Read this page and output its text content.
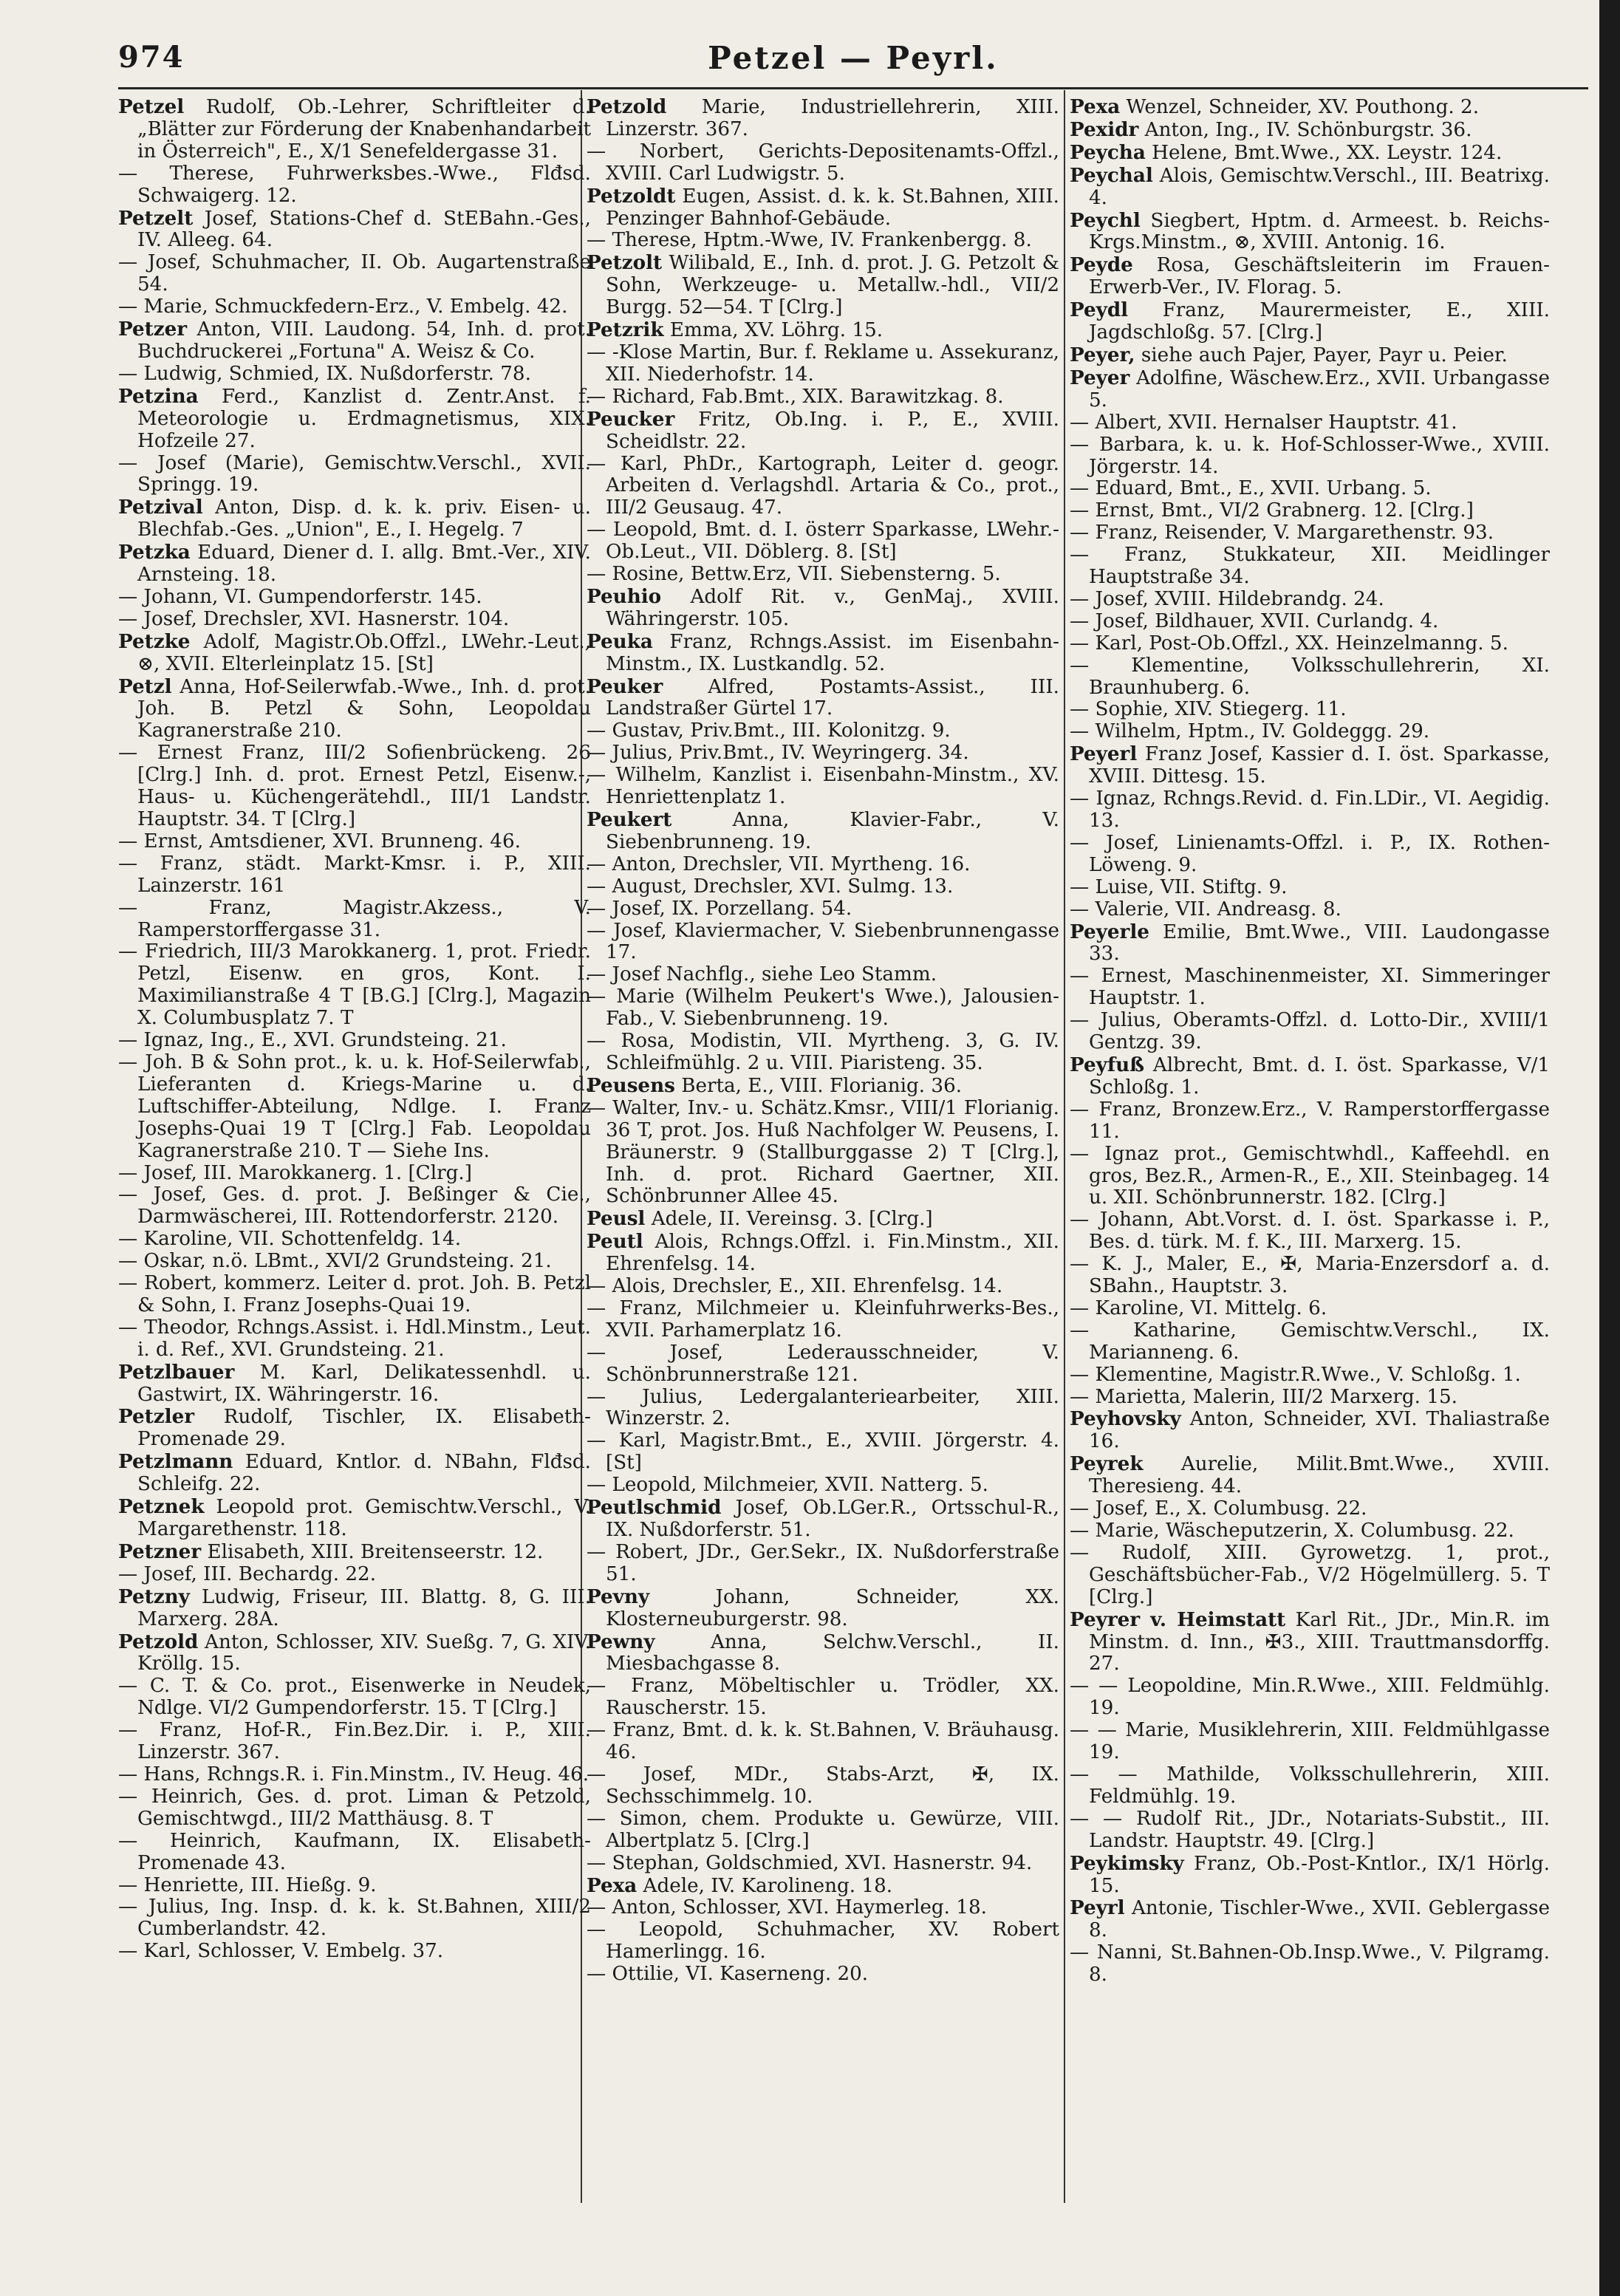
974	Petzel — Peyrl.
Petzel Rudolf, Ob.-Lehrer, Schriftleiter d. „Blätter zur Förderung der Knabenhandarbeit in Österreich", E., X/1 Senefeldergasse 31.
— Therese, Fuhrwerksbes.-Wwe., Flđsd. Schwaigerg. 12.
Petzelt Josef, Stations-Chef d. StEBahn.-Ges., IV. Alleeg. 64.
— Josef, Schuhmacher, II. Ob. Augartenstraße 54.
— Marie, Schmuckfedern-Erz., V. Embelg. 42.
Petzer Anton, VIII. Laudong. 54, Inh. d. prot. Buchdruckerei „Fortuna" A. Weisz & Co.
— Ludwig, Schmied, IX. Nußdorferstr. 78.
Petzina Ferd., Kanzlist d. Zentr.Anst. f. Meteorologie u. Erdmagnetismus, XIX. Hofzeile 27.
— Josef (Marie), Gemischtw.Verschl., XVII. Springg. 19.
Petzival Anton, Disp. d. k. k. priv. Eisen- u. Blechfab.-Ges. „Union", E., I. Hegelg. 7
Petzka Eduard, Diener d. I. allg. Bmt.-Ver., XIV. Arnsteing. 18.
— Johann, VI. Gumpendorferstr. 145.
— Josef, Drechsler, XVI. Hasnerstr. 104.
Petzke Adolf, Magistr.Ob.Offzl., LWehr.-Leut., ⊗, XVII. Elterleinplatz 15. [St]
Petzl Anna, Hof-Seilerwfab.-Wwe., Inh. d. prot. Joh. B. Petzl & Sohn, Leopoldau Kagranerstraße 210.
— Ernest Franz, III/2 Sofienbrückeng. 26 [Clrg.] Inh. d. prot. Ernest Petzl, Eisenw.-, Haus- u. Küchengerätehdl., III/1 Landstr. Hauptstr. 34. T [Clrg.]
— Ernst, Amtsdiener, XVI. Brunneng. 46.
— Franz, städt. Markt-Kmsr. i. P., XIII. Lainzerstr. 161
— Franz, Magistr.Akzess., V. Ramperstorffergasse 31.
— Friedrich, III/3 Marokkanerg. 1, prot. Friedr. Petzl, Eisenw. en gros, Kont. I. Maximilianstraße 4 T [B.G.] [Clrg.], Magazin X. Columbusplatz 7. T
— Ignaz, Ing., E., XVI. Grundsteing. 21.
— Joh. B & Sohn prot., k. u. k. Hof-Seilerwfab., Lieferanten d. Kriegs-Marine u. d. Luftschiffer-Abteilung, Ndlge. I. Franz Josephs-Quai 19 T [Clrg.] Fab. Leopoldau Kagranerstraße 210. T — Siehe Ins.
— Josef, III. Marokkanerg. 1. [Clrg.]
— Josef, Ges. d. prot. J. Beßinger & Cie., Darmwäscherei, III. Rottendorferstr. 2120.
— Karoline, VII. Schottenfeldg. 14.
— Oskar, n.ö. LBmt., XVI/2 Grundsteing. 21.
— Robert, kommerz. Leiter d. prot. Joh. B. Petzl & Sohn, I. Franz Josephs-Quai 19.
— Theodor, Rchngs.Assist. i. Hdl.Minstm., Leut. i. d. Ref., XVI. Grundsteing. 21.
Petzlbauer M. Karl, Delikatessenhdl. u. Gastwirt, IX. Währingerstr. 16.
Petzler Rudolf, Tischler, IX. Elisabeth-Promenade 29.
Petzlmann Eduard, Kntlor. d. NBahn, Flđsd. Schleifg. 22.
Petznek Leopold prot. Gemischtw.Verschl., V. Margarethenstr. 118.
Petzner Elisabeth, XIII. Breitenseerstr. 12.
— Josef, III. Bechardg. 22.
Petzny Ludwig, Friseur, III. Blattg. 8, G. III. Marxerg. 28A.
Petzold Anton, Schlosser, XIV. Sueßg. 7, G. XIV. Kröllg. 15.
— C. T. & Co. prot., Eisenwerke in Neudek, Ndlge. VI/2 Gumpendorferstr. 15. T [Clrg.]
— Franz, Hof-R., Fin.Bez.Dir. i. P., XIII. Linzerstr. 367.
— Hans, Rchngs.R. i. Fin.Minstm., IV. Heug. 46.
— Heinrich, Ges. d. prot. Liman & Petzold, Gemischtwgd., III/2 Matthäusg. 8. T
— Heinrich, Kaufmann, IX. Elisabeth-Promenade 43.
— Henriette, III. Hießg. 9.
— Julius, Ing. Insp. d. k. k. St.Bahnen, XIII/2 Cumberlandstr. 42.
— Karl, Schlosser, V. Embelg. 37.
Petzold Marie, Industriellehrerin, XIII. Linzerstr. 367.
— Norbert, Gerichts-Depositenamts-Offzl., XVIII. Carl Ludwigstr. 5.
Petzoldt Eugen, Assist. d. k. k. St.Bahnen, XIII. Penzinger Bahnhof-Gebäude.
— Therese, Hptm.-Wwe, IV. Frankenbergg. 8.
Petzolt Wilibald, E., Inh. d. prot. J. G. Petzolt & Sohn, Werkzeuge- u. Metallw.-hdl., VII/2 Burgg. 52—54. T [Clrg.]
Petzrik Emma, XV. Löhrg. 15.
— -Klose Martin, Bur. f. Reklame u. Assekuranz, XII. Niederhofstr. 14.
— Richard, Fab.Bmt., XIX. Barawitzkag. 8.
Peucker Fritz, Ob.Ing. i. P., E., XVIII. Scheidlstr. 22.
— Karl, PhDr., Kartograph, Leiter d. geogr. Arbeiten d. Verlagshdl. Artaria & Co., prot., III/2 Geusaug. 47.
— Leopold, Bmt. d. I. österr Sparkasse, LWehr.-Ob.Leut., VII. Döblerg. 8. [St]
— Rosine, Bettw.Erz, VII. Siebensterng. 5.
Peuhio Adolf Rit. v., GenMaj., XVIII. Währingerstr. 105.
Peuka Franz, Rchngs.Assist. im Eisenbahn-Minstm., IX. Lustkandlg. 52.
Peuker Alfred, Postamts-Assist., III. Landstraßer Gürtel 17.
— Gustav, Priv.Bmt., III. Kolonitzg. 9.
— Julius, Priv.Bmt., IV. Weyringerg. 34.
— Wilhelm, Kanzlist i. Eisenbahn-Minstm., XV. Henriettenplatz 1.
Peukert Anna, Klavier-Fabr., V. Siebenbrunneng. 19.
— Anton, Drechsler, VII. Myrtheng. 16.
— August, Drechsler, XVI. Sulmg. 13.
— Josef, IX. Porzellang. 54.
— Josef, Klaviermacher, V. Siebenbrunnengasse 17.
— Josef Nachflg., siehe Leo Stamm.
— Marie (Wilhelm Peukert's Wwe.), Jalousien-Fab., V. Siebenbrunneng. 19.
— Rosa, Modistin, VII. Myrtheng. 3, G. IV. Schleifmühlg. 2 u. VIII. Piaristeng. 35.
Peusens Berta, E., VIII. Florianig. 36.
— Walter, Inv.- u. Schätz.Kmsr., VIII/1 Florianig. 36 T, prot. Jos. Huß Nachfolger W. Peusens, I. Bräunerstr. 9 (Stallburggasse 2) T [Clrg.], Inh. d. prot. Richard Gaertner, XII. Schönbrunner Allee 45.
Peusl Adele, II. Vereinsg. 3. [Clrg.]
Peutl Alois, Rchngs.Offzl. i. Fin.Minstm., XII. Ehrenfelsg. 14.
— Alois, Drechsler, E., XII. Ehrenfelsg. 14.
— Franz, Milchmeier u. Kleinfuhrwerks-Bes., XVII. Parhamerplatz 16.
— Josef, Lederausschneider, V. Schönbrunnerstraße 121.
— Julius, Ledergalanteriearbeiter, XIII. Winzerstr. 2.
— Karl, Magistr.Bmt., E., XVIII. Jörgerstr. 4. [St]
— Leopold, Milchmeier, XVII. Natterg. 5.
Peutlschmid Josef, Ob.LGer.R., Ortsschul-R., IX. Nußdorferstr. 51.
— Robert, JDr., Ger.Sekr., IX. Nußdorferstraße 51.
Pevny Johann, Schneider, XX. Klosterneuburgerstr. 98.
Pewny Anna, Selchw.Verschl., II. Miesbachgasse 8.
— Franz, Möbeltischler u. Trödler, XX. Rauscherstr. 15.
— Franz, Bmt. d. k. k. St.Bahnen, V. Bräuhausg. 46.
— Josef, MDr., Stabs-Arzt, ✠, IX. Sechsschimmelg. 10.
— Simon, chem. Produkte u. Gewürze, VIII. Albertplatz 5. [Clrg.]
— Stephan, Goldschmied, XVI. Hasnerstr. 94.
Pexa Adele, IV. Karolineng. 18.
— Anton, Schlosser, XVI. Haymerleg. 18.
— Leopold, Schuhmacher, XV. Robert Hamerlingg. 16.
— Ottilie, VI. Kaserneng. 20.
Pexa Wenzel, Schneider, XV. Pouthong. 2.
Pexidr Anton, Ing., IV. Schönburgstr. 36.
Peycha Helene, Bmt.Wwe., XX. Leystr. 124.
Peychal Alois, Gemischtw.Verschl., III. Beatrixg. 4.
Peychl Siegbert, Hptm. d. Armeest. b. Reichs-Krgs.Minstm., ⊗, XVIII. Antonig. 16.
Peyde Rosa, Geschäftsleiterin im Frauen-Erwerb-Ver., IV. Florag. 5.
Peydl Franz, Maurermeister, E., XIII. Jagdschloßg. 57. [Clrg.]
Peyer, siehe auch Pajer, Payer, Payr u. Peier.
Peyer Adolfine, Wäschew.Erz., XVII. Urbangasse 5.
— Albert, XVII. Hernalser Hauptstr. 41.
— Barbara, k. u. k. Hof-Schlosser-Wwe., XVIII. Jörgerstr. 14.
— Eduard, Bmt., E., XVII. Urbang. 5.
— Ernst, Bmt., VI/2 Grabnerg. 12. [Clrg.]
— Franz, Reisender, V. Margarethenstr. 93.
— Franz, Stukkateur, XII. Meidlinger Hauptstraße 34.
— Josef, XVIII. Hildebrandg. 24.
— Josef, Bildhauer, XVII. Curlandg. 4.
— Karl, Post-Ob.Offzl., XX. Heinzelmanng. 5.
— Klementine, Volksschullehrerin, XI. Braunhuberg. 6.
— Sophie, XIV. Stiegerg. 11.
— Wilhelm, Hptm., IV. Goldeggg. 29.
Peyerl Franz Josef, Kassier d. I. öst. Sparkasse, XVIII. Dittesg. 15.
— Ignaz, Rchngs.Revid. d. Fin.LDir., VI. Aegidig. 13.
— Josef, Linienamts-Offzl. i. P., IX. Rothen-Löweng. 9.
— Luise, VII. Stiftg. 9.
— Valerie, VII. Andreasg. 8.
Peyerle Emilie, Bmt.Wwe., VIII. Laudongasse 33.
— Ernest, Maschinenmeister, XI. Simmeringer Hauptstr. 1.
— Julius, Oberamts-Offzl. d. Lotto-Dir., XVIII/1 Gentzg. 39.
Peyfuß Albrecht, Bmt. d. I. öst. Sparkasse, V/1 Schloßg. 1.
— Franz, Bronzew.Erz., V. Ramperstorffergasse 11.
— Ignaz prot., Gemischtwhdl., Kaffeehdl. en gros, Bez.R., Armen-R., E., XII. Steinbageg. 14 u. XII. Schönbrunnerstr. 182. [Clrg.]
— Johann, Abt.Vorst. d. I. öst. Sparkasse i. P., Bes. d. türk. M. f. K., III. Marxerg. 15.
— K. J., Maler, E., ✠, Maria-Enzersdorf a. d. SBahn., Hauptstr. 3.
— Karoline, VI. Mittelg. 6.
— Katharine, Gemischtw.Verschl., IX. Marianneng. 6.
— Klementine, Magistr.R.Wwe., V. Schloßg. 1.
— Marietta, Malerin, III/2 Marxerg. 15.
Peyhovsky Anton, Schneider, XVI. Thaliastraße 16.
Peyrek Aurelie, Milit.Bmt.Wwe., XVIII. Theresieng. 44.
— Josef, E., X. Columbusg. 22.
— Marie, Wäscheputzerin, X. Columbusg. 22.
— Rudolf, XIII. Gyrowetzg. 1, prot., Geschäftsbücher-Fab., V/2 Högelmüllerg. 5. T [Clrg.]
Peyrer v. Heimstatt Karl Rit., JDr., Min.R. im Minstm. d. Inn., ✠3., XIII. Trauttmansdorffg. 27.
— — Leopoldine, Min.R.Wwe., XIII. Feldmühlg. 19.
— — Marie, Musiklehrerin, XIII. Feldmühlgasse 19.
— — Mathilde, Volksschullehrerin, XIII. Feldmühlg. 19.
— — Rudolf Rit., JDr., Notariats-Substit., III. Landstr. Hauptstr. 49. [Clrg.]
Peykimsky Franz, Ob.-Post-Kntlor., IX/1 Hörlg. 15.
Peyrl Antonie, Tischler-Wwe., XVII. Geblergasse 8.
— Nanni, St.Bahnen-Ob.Insp.Wwe., V. Pilgramg. 8.
